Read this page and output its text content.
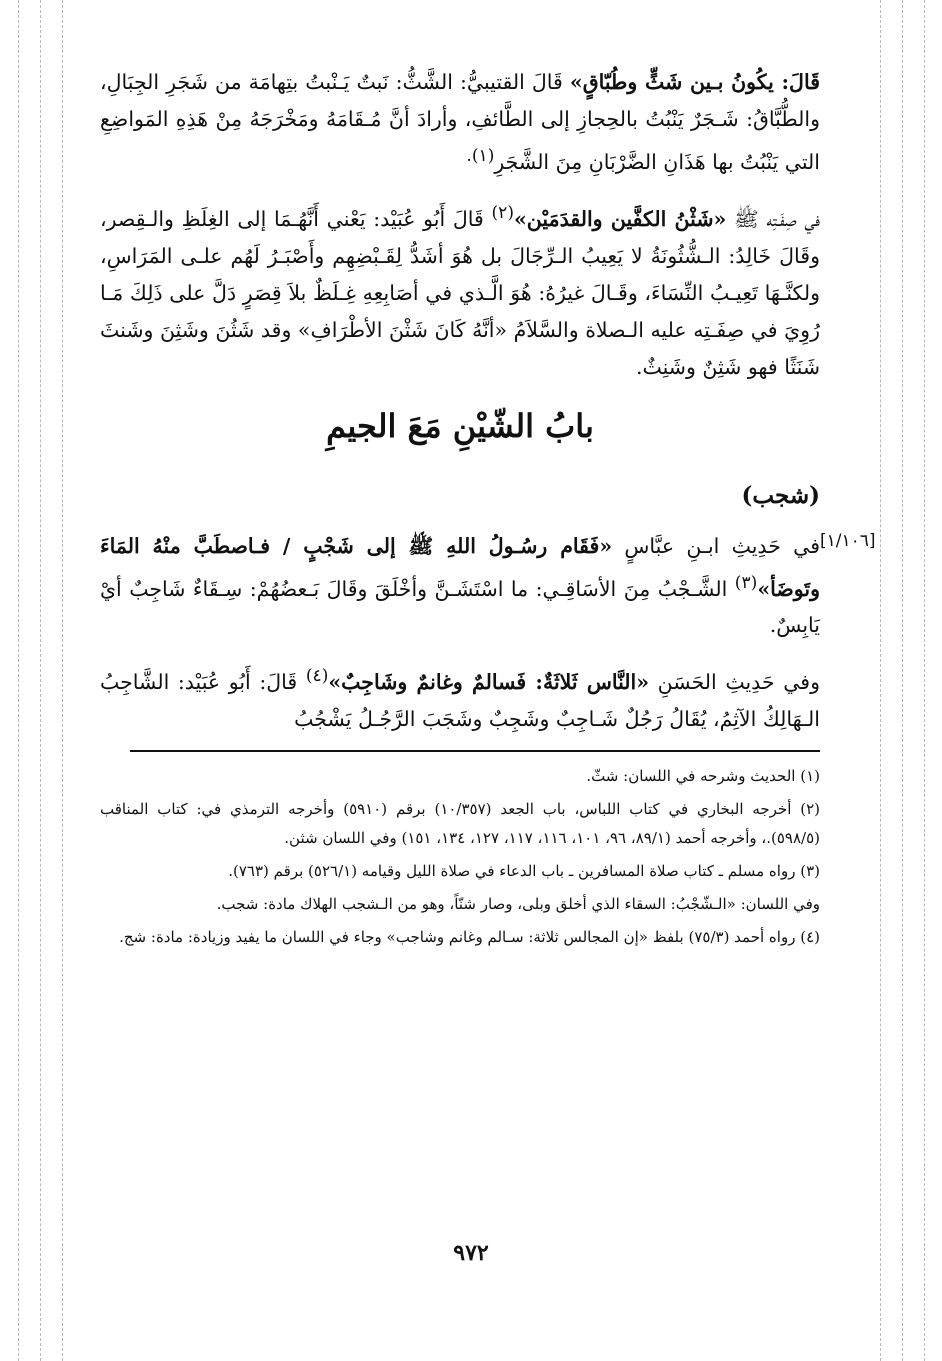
قَالَ: يكُونُ بـين شَثٍّ وطُبّاقٍ» قَالَ القتيبيُّ: الشَّثُّ: نَبتٌ يَـنْبتُ بتِهامَة من شَجَرِ الجِبَالِ، والطُّبَّاقُ: شَـجَرٌ يَنْبُتُ بالحِجازِ إلى الطَّائفِ، وأرادَ أنَّ مُـقَامَهُ ومَخْرَجَهُ مِنْ هَذِهِ المَواضِعِ التي يَنْبُتُ بها هَذَانِ الضَّرْبَانِ مِنَ الشَّجَرِ$^{(١).}$

في صِفَـتِه ﷺ «شَثْنُ الكفَّين والقدَمَيْن»$^{(٢)}$ قَالَ أَبُو عُبَيْد: يَعْني أَنَّهُـمَا إلى الغِلَظِ والـقِصر، وقَالَ خَالِدُ: الـشُّثُونَةُ لا يَعِيبُ الـرِّجَالَ بل هُوَ أشَدُّ لِقَـبْضِهِم وأَصْبَـرُ لَهُم علـى المَرَاسِ، ولكنَّـهَا تَعِيـبُ النِّسَاءَ، وقَـالَ غيرُهُ: هُوَ الَّـذي في أصَابِعِهِ غِـلَظٌ بلاَ قِصَرٍ دَلَّ على ذَلِكَ مَـا رُوِيَ في صِفَـتِه عليه الـصلاة والسَّلاَمُ «أنَّهُ كَانَ شَثْنَ الأطْرَافِ» وقد شَثُنَ وشَثِنَ وشَنثَ شَنَثًا فهو شَثِنٌ وشَنِثٌ.

بابُ الشّيْنِ مَعَ الجيمِ
(شجب)
[١/١٠٦]

في حَدِيثِ ابـنِ عبَّاسٍ «فَقَام رسُـولُ اللهِ ﷺ إلى شَجْبٍ / فـاصطَبَّ منْهُ المَاءَ وتَوضَأ»$^{(٣)}$ الشَّـجْبُ مِنَ الأسَاقِـي: ما اسْتَشَـنَّ وأخْلَقَ وقَالَ بَـعضُهُمْ: سِـقَاءٌ شَاجِبٌ أيْ يَابِسٌ.

وفي حَدِيثِ الحَسَنِ «النَّاس ثَلاثَةٌ: فَسالمٌ وغانمٌ وشَاجِبٌ»$^{(٤)}$ قَالَ: أَبُو عُبَيْد: الشَّاجِبُ الـهَالِكُ الآثِمُ، يُقَالُ رَجُلٌ شَـاجِبٌ وشَجِبٌ وشَجَبَ الرَّجُـلُ يَشْجُبُ

(١) الحديث وشرحه في اللسان: شثّ.

(٢) أخرجه البخاري في كتاب اللباس، باب الجعد (١٠/٣٥٧) برقم (٥٩١٠) وأخرجه الترمذي في: كتاب المناقب (٥٩٨/٥).، وأخرجه أحمد (٨٩/١، ٩٦، ١٠١، ١١٦، ١١٧، ١٢٧، ١٣٤، ١٥١) وفي اللسان شثن.

(٣) رواه مسلم ـ كتاب صلاة المسافرين ـ باب الدعاء في صلاة الليل وقيامه (٥٢٦/١) برقم (٧٦٣).

وفي اللسان: «الـشّجْبُ: السقاء الذي أخلق وبلى، وصار شنّاً، وهو من الـشجب الهلاك مادة: شجب.

(٤) رواه أحمد (٧٥/٣) بلفظ «إن المجالس ثلاثة: سـالم وغانم وشاجب» وجاء في اللسان ما يفيد وزيادة: مادة: شج.

٩٧٢
